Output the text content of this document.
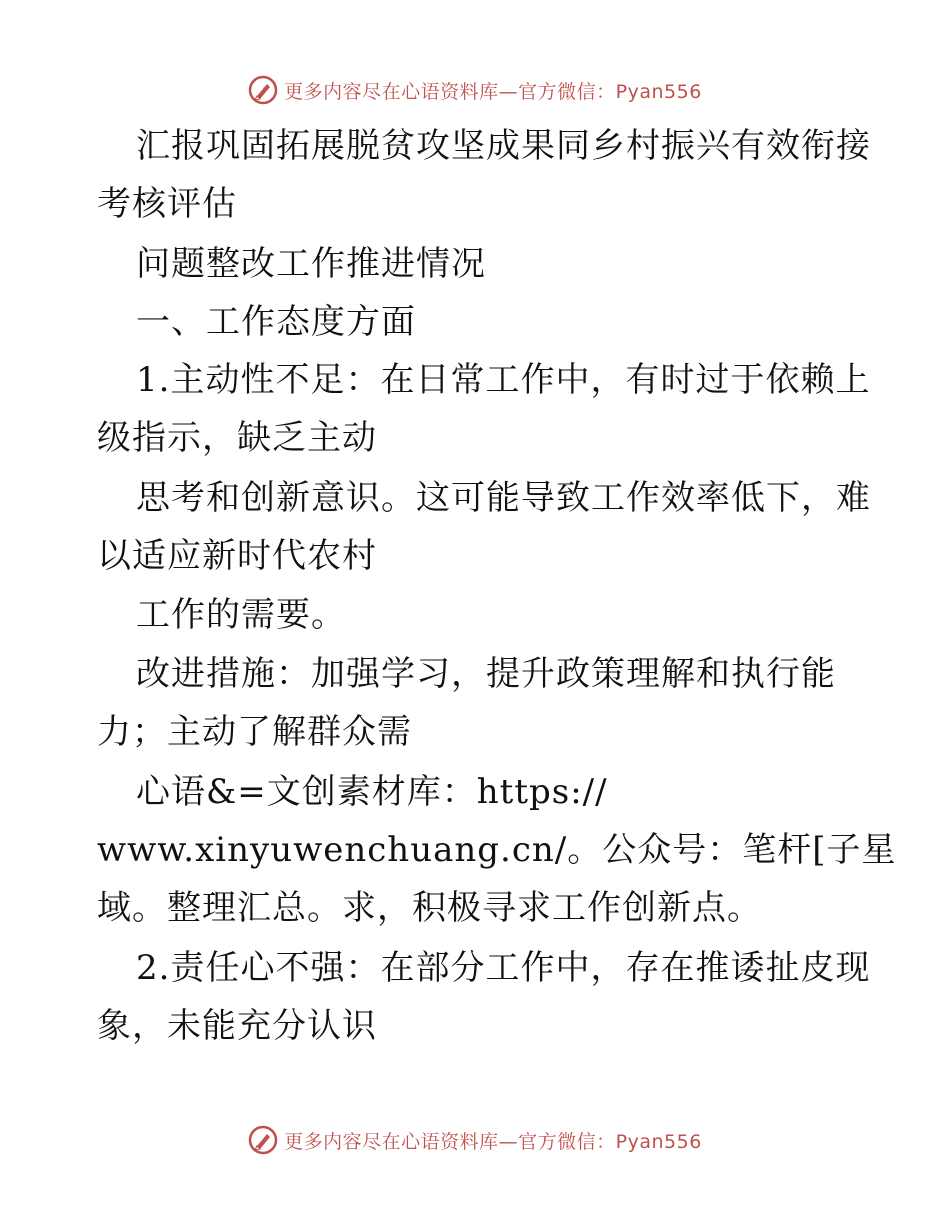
更多内容尽在心语资料库—官方微信：Pyan556
汇报巩固拓展脱贫攻坚成果同乡村振兴有效衔接
考核评估
问题整改工作推进情况
一、工作态度方面
1.主动性不足：在日常工作中，有时过于依赖上
级指示，缺乏主动
思考和创新意识。这可能导致工作效率低下，难
以适应新时代农村
工作的需要。
改进措施：加强学习，提升政策理解和执行能
力；主动了解群众需
心语&=文创素材库：https://
www.xinyuwenchuang.cn/。公众号：笔杆[子星
域。整理汇总。求，积极寻求工作创新点。
2.责任心不强：在部分工作中，存在推诿扯皮现
象，未能充分认识
更多内容尽在心语资料库—官方微信：Pyan556
